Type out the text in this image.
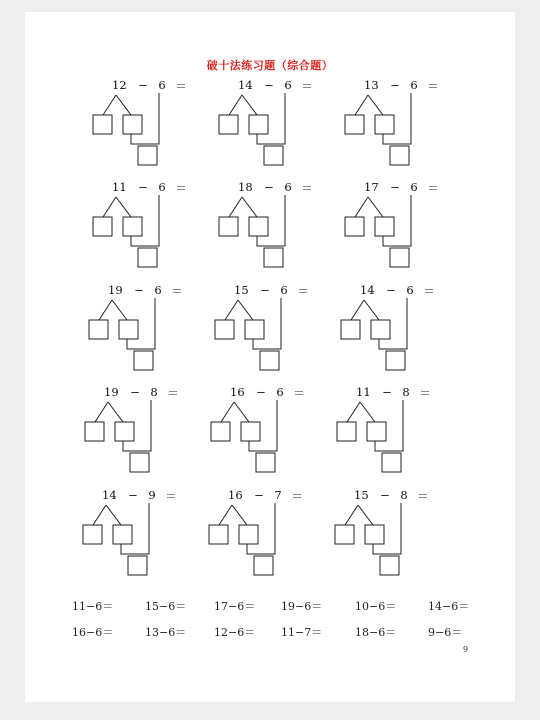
破十法练习题（综合题）
12	− 6 ＝	14	− 6 ＝	13	− 6 ＝
11	− 6 ＝	18	− 6 ＝	17	− 6 ＝
19	− 6 ＝	15	− 6 ＝	14	− 6 ＝
19	− 8 ＝	16	− 6 ＝	11	− 8 ＝
14	− 9 ＝	16	− 7 ＝	15	− 8 ＝
11−6＝	15−6＝	17−6＝ 19−6＝	10−6＝	14−6＝
16−6＝	13−6＝	12−6＝ 11−7＝	18−6＝	9−6＝
9
